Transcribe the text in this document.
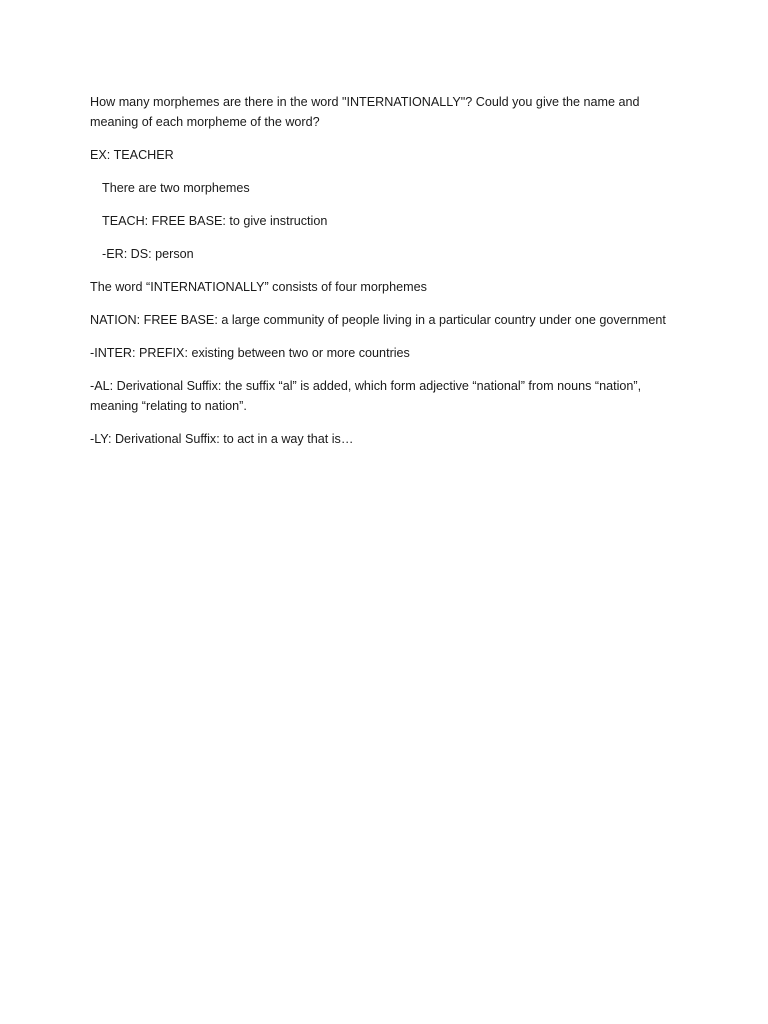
How many morphemes are there in the word "INTERNATIONALLY"? Could you give the name and meaning of each morpheme of the word?

EX: TEACHER

There are two morphemes

TEACH: FREE BASE: to give instruction

-ER: DS: person

The word “INTERNATIONALLY” consists of four morphemes

NATION: FREE BASE: a large community of people living in a particular country under one government

-INTER: PREFIX: existing between two or more countries

-AL: Derivational Suffix: the suffix “al” is added, which form adjective “national” from nouns “nation”, meaning “relating to nation”.

-LY: Derivational Suffix: to act in a way that is…
